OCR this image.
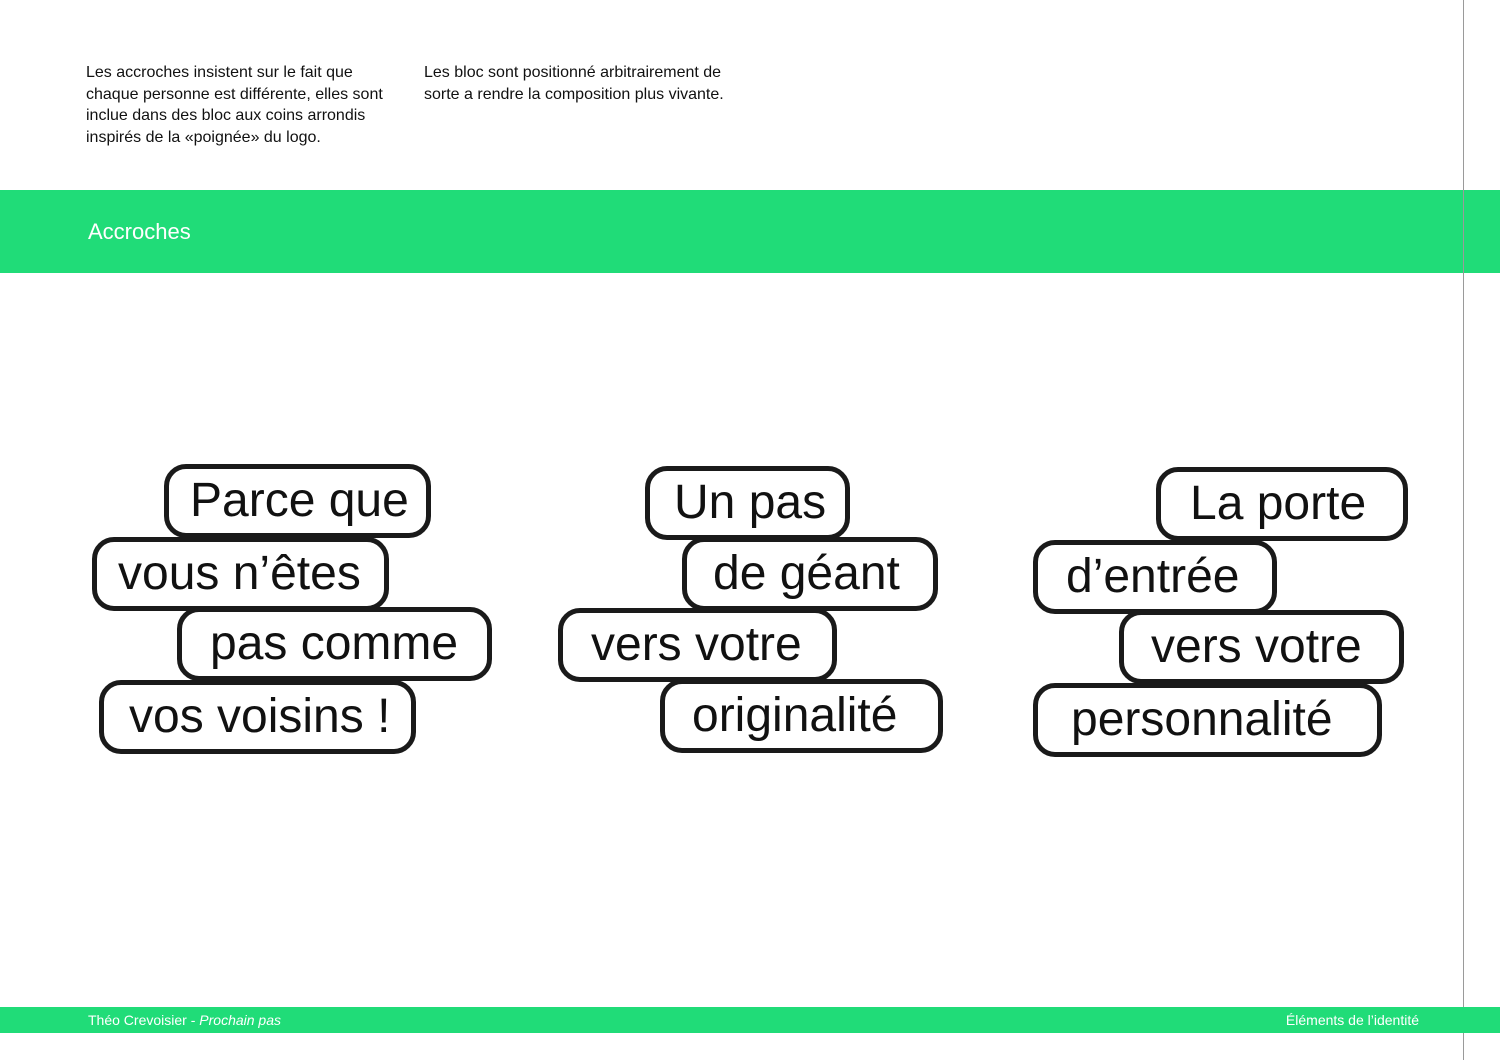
Les accroches insistent sur le fait que chaque personne est différente, elles sont inclue dans des bloc aux coins arrondis inspirés de la «poignée» du logo.

Les bloc sont positionné arbitrairement de sorte a rendre la composition plus vivante.

Accroches
Parce que
vous n’êtes
pas comme
vos voisins !
Un pas
de géant
vers votre
originalité
La porte
d’entrée
vers votre
personnalité
Théo Crevoisier - Prochain pas	Éléments de l’identité
